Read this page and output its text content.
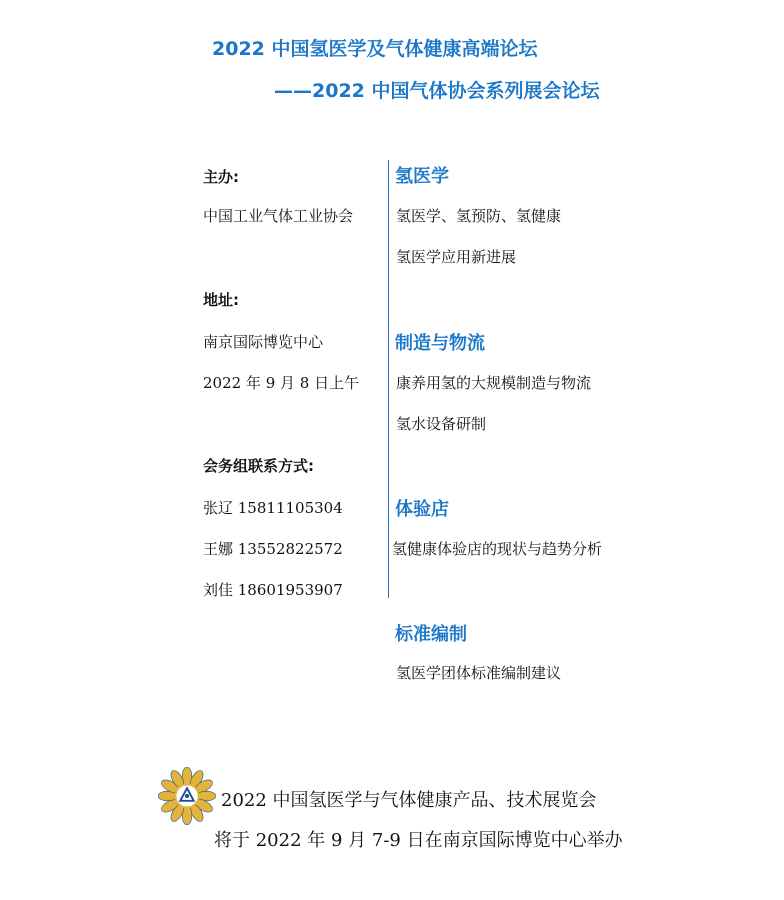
2022 中国氢医学及气体健康高端论坛
——2022 中国气体协会系列展会论坛
主办:
中国工业气体工业协会
地址:
南京国际博览中心
2022 年 9 月 8 日上午
会务组联系方式:
张辽 15811105304
王娜 13552822572
刘佳 18601953907
氢医学
氢医学、氢预防、氢健康
氢医学应用新进展
制造与物流
康养用氢的大规模制造与物流
氢水设备研制
体验店
氢健康体验店的现状与趋势分析
标准编制
氢医学团体标准编制建议
2022 中国氢医学与气体健康产品、技术展览会
将于 2022 年 9 月 7-9 日在南京国际博览中心举办
